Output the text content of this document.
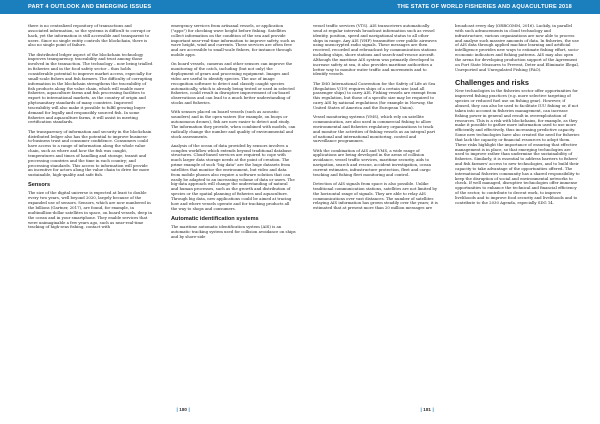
PART 4 OUTLOOK AND EMERGING ISSUES	THE STATE OF WORLD FISHERIES AND AQUACULTURE 2018

there is no centralized repository of transactions and associated information, so the systems is difficult to corrupt or hack, yet the information is still accessible and transparent to users. Since no single entity controls the blockchain, there is also no single point of failure.

The distributed ledger aspect of the blockchain technology improves transparency, traceability and trust among those involved in the transaction. The technology – now being trialled in fisheries and in the food safety sector – thus holds considerable potential to improve market access, especially for small-scale fishers and fish farmers. The difficulty of corrupting information in the blockchain strengthens the traceability of fish products along the value chain, which will enable more fisheries, aquaculture farms and fish processing facilities to export to international markets, as the country of origin and phytosanitary standards of many countries. Improved traceability will also make it possible to fulfil growing buyer demand for legally and responsibly sourced fish. In some fisheries and aquaculture farms, it will assist in meeting certification standards.

The transparency of information and security in the blockchain distributed ledger also has the potential to improve business-to-business trust and consumer confidence. Consumers could have access to a range of information along the whole value chain, such as where and how the fish was caught, temperatures and times of handling and storage, transit and processing countries and the time in each country; and processing standards. This access to information will provide an incentive for actors along the value chain to drive for more sustainable, high-quality and safe fish.

Sensors

The size of the digital universe is expected at least to double every two years, well beyond 2020, largely because of the expanded use of sensors. Sensors, which are now numbered in the billions (Gartner, 2017), are found, for example, in multimillion-dollar satellites in space, on board vessels, deep in the ocean and in your smartphone. They enable services that were unimaginable a few years ago, such as near-real-time tracking of high-seas fishing, contact with

emergency services from artisanal vessels, or application ("apps") for checking wave height before fishing. Satellites collect information on the condition of the sea and provide important near-real-time information to improve safety, such as wave height, wind and currents. These services are often free and are accessible to small-scale fishers, for instance through mobile apps.

On board vessels, cameras and other sensors can improve the monitoring of the catch, including (but not only) the deployment of gears and processing equipment. Images and video are useful to identify species. The use of image recognition software to detect and classify caught species automatically, which is already being tested or used in selected fisheries, could result in disruptive improvement of on-board observations and can lead to a much better understanding of stocks and fisheries.

With sensors placed on board vessels (such as acoustic sounders) and in the open waters (for example, on buoys or autonomous drones), fish are now easier to detect and study. The information they provide, when combined with models, can radically change the number and quality of environmental and stock assessments.

Analysis of the ocean of data provided by sensors involves a complex workflow which extends beyond traditional database structures. Cloud-based services are required to cope with much larger data storage needs at the point of creation. The prime example of such "big data" are the huge datasets from satellites that monitor the environment, but video and data from mobile phones also require a software solution that can easily be adapted to an increasing volume of data or users. The big-data approach will change the understanding of natural and human processes, such as the growth and distribution of species or the spatial planning of fisheries and aquaculture. Through big data, new applications could be aimed at tracing how and where vessels operate and for tracking products all the way to shops and consumers.

Automatic identification systems

The maritime automatic identification system (AIS) is an automatic tracking system used for collision avoidance on ships and by shore-side

vessel traffic services (VTS). AIS transceivers automatically send at regular intervals broadcast information such as vessel identity, position, speed and navigational status to all other ships in range. Any AIS (VHF) transmitter over public airwaves using unencrypted radio signals. These messages are then received, recorded and rebroadcast by communication stations including ships, shore stations and search-and-rescue aircraft. Although the maritime AIS system was primarily developed to increase safety at sea, it also provides maritime authorities a better way to monitor water traffic and movements and to identify vessels.

The IMO International Convention for the Safety of Life at Sea (Regulation V/19) requires ships of a certain size (and all passenger ships) to carry AIS. Fishing vessels are exempt from this regulation, but those of a specific size may be required to carry AIS by national regulations (for example in Norway, the United States of America and the European Union).

Vessel monitoring systems (VMS), which rely on satellite communication, are also used in commercial fishing to allow environmental and fisheries regulatory organizations to track and monitor the activities of fishing vessels as an integral part of national and international monitoring, control and surveillance programmes.

With the combination of AIS and VMS, a wide range of applications are being developed in the areas of collision avoidance, vessel traffic services, maritime security, aids to navigation, search and rescue, accident investigation, ocean current estimates, infrastructure protection, fleet and cargo tracking and fishing fleet monitoring and control.

Detection of AIS signals from space is also possible. Unlike traditional communication stations, satellites are not limited by the horizontal range of signals. They are able to relay AIS communications over vast distances. The number of satellites relaying AIS information has grown steadily over the years; it is estimated that at present more than 20 million messages are

broadcast every day (ORBCOMM, 2016). Luckily, in parallel with such advancements in cloud technology and infrastructure, various organizations are now able to process and analyse such massive amounts of data. In fisheries, the use of AIS data through applied machine learning and artificial intelligence provides new ways to estimate fishing effort, socio-economic indicators and fishing patterns. AIS may also open the arena for developing production support of the Agreement on Port State Measures to Prevent, Deter and Eliminate Illegal, Unreported and Unregulated Fishing (FAO).

Challenges and risks

New technologies in the fisheries sector offer opportunities for improved fishing practices (e.g. more selective targeting of species or reduced fuel use on fishing gear). However, if abused, they can also be used to facilitate IUU fishing or, if not taken into account in fisheries management, can increase fishing power in general and result in overexploitation of resources. This is a risk with blockchains, for example, as they make it possible to gather more information used to use more efficiently and effectively, thus increasing predictive capacity. Some new technologies have also created the need for fisheries that lack the capacity or financial resources to adopt them. These risks highlight the importance of ensuring that effective management is in place, so that emerging technologies are used to improve rather than undermine the sustainability of fisheries. Similarly, it is essential to address barriers to fishers' and fish farmers' access to new technologies, and to build their capacity to take advantage of the opportunities offered. The international fisheries community has a shared responsibility to keep the disruption of social and environmental networks to check. If well managed, disruptive technologies offer immense opportunities to enhance the technical and financial efficiency of the sector, to contribute to decent work, to improve livelihoods and to improve food security and livelihoods and to contribute to the 2030 Agenda, especially SDG 14.

| 180 |
|	181 |
